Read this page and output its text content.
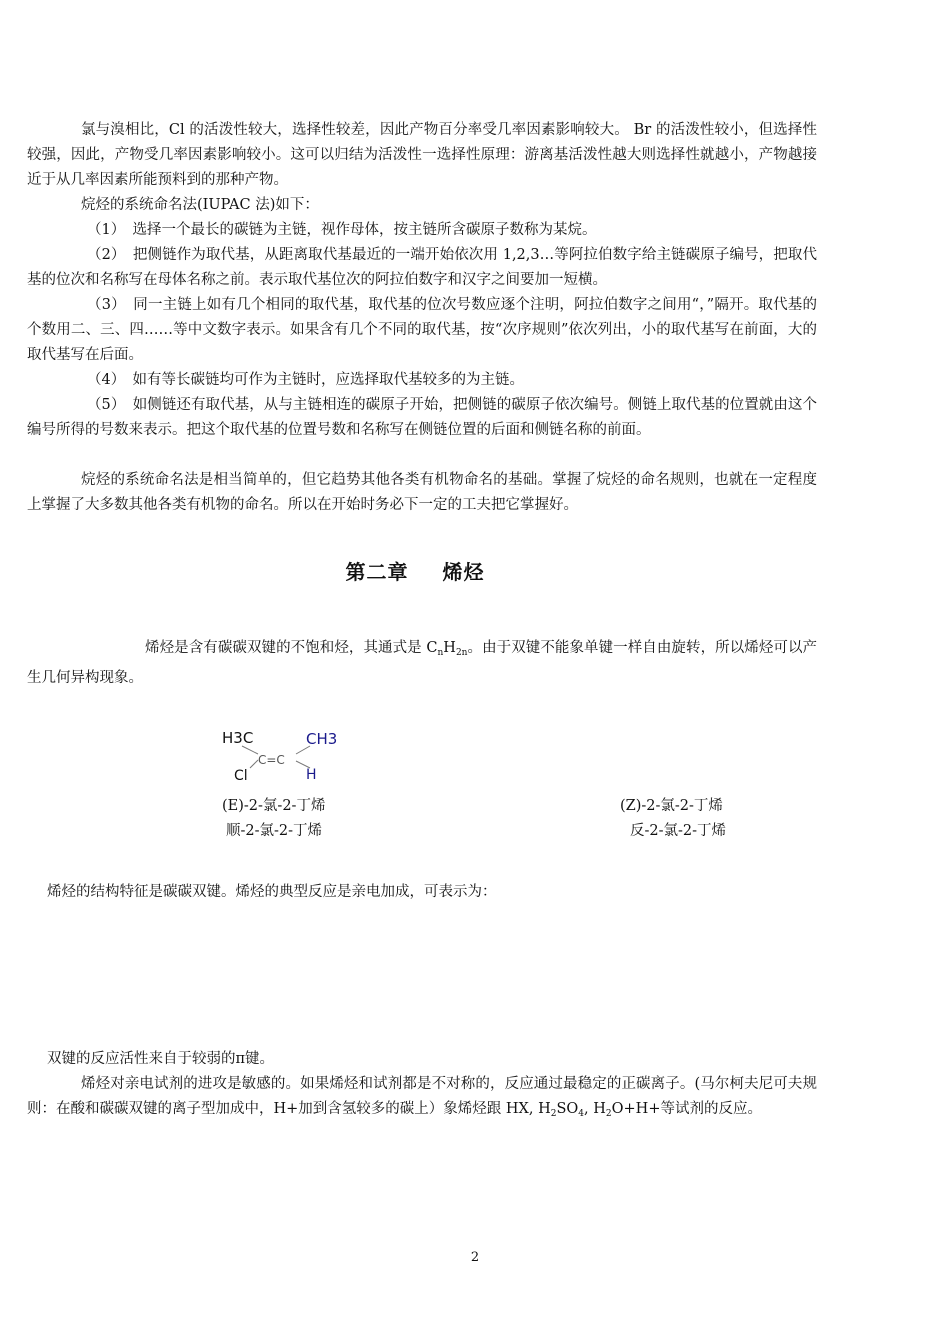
氯与溴相比，Cl 的活泼性较大，选择性较差，因此产物百分率受几率因素影响较大。 Br 的活泼性较小，但选择性较强，因此，产物受几率因素影响较小。这可以归结为活泼性一选择性原理：游离基活泼性越大则选择性就越小，产物越接近于从几率因素所能预料到的那种产物。

烷烃的系统命名法(IUPAC 法)如下：

（1）　选择一个最长的碳链为主链，视作母体，按主链所含碳原子数称为某烷。

（2）　把侧链作为取代基，从距离取代基最近的一端开始依次用 1,2,3…等阿拉伯数字给主链碳原子编号，把取代基的位次和名称写在母体名称之前。表示取代基位次的阿拉伯数字和汉字之间要加一短横。

（3）　同一主链上如有几个相同的取代基，取代基的位次号数应逐个注明，阿拉伯数字之间用“，”隔开。取代基的个数用二、三、四……等中文数字表示。如果含有几个不同的取代基，按“次序规则”依次列出，小的取代基写在前面，大的取代基写在后面。

（4）　如有等长碳链均可作为主链时，应选择取代基较多的为主链。

（5）　如侧链还有取代基，从与主链相连的碳原子开始，把侧链的碳原子依次编号。侧链上取代基的位置就由这个编号所得的号数来表示。把这个取代基的位置号数和名称写在侧链位置的后面和侧链名称的前面。

烷烃的系统命名法是相当简单的，但它趋势其他各类有机物命名的基础。掌握了烷烃的命名规则，也就在一定程度上掌握了大多数其他各类有机物的命名。所以在开始时务必下一定的工夫把它掌握好。

第二章 烯烃

烯烃是含有碳碳双键的不饱和烃，其通式是 $C_nH_{2n}$。由于双键不能象单键一样自由旋转，所以烯烃可以产生几何异构现象。

H3C	CH3
Cl	H
C=C

(E)-2-氯-2-丁烯

顺-2-氯-2-丁烯

(Z)-2-氯-2-丁烯

反-2-氯-2-丁烯

烯烃的结构特征是碳碳双键。烯烃的典型反应是亲电加成，可表示为：

双键的反应活性来自于较弱的π键。

烯烃对亲电试剂的进攻是敏感的。如果烯烃和试剂都是不对称的，反应通过最稳定的正碳离子。(马尔柯夫尼可夫规则：在酸和碳碳双键的离子型加成中，H+加到含氢较多的碳上）象烯烃跟 HX, $H_2SO_4$, $H_2O+H+$等试剂的反应。

2
